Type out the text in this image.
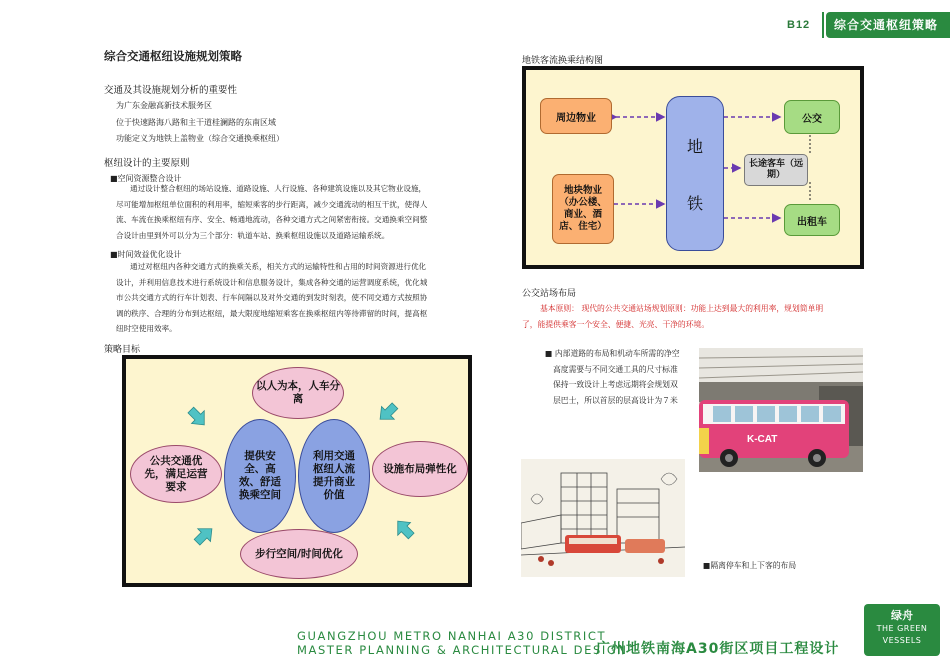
B12	综合交通枢纽策略一
综合交通枢纽设施规划策略
交通及其设施规划分析的重要性
为广东金融高新技术服务区
位于快速路海八路和主干道桂澜路的东南区域
功能定义为地铁上盖物业（综合交通换乘枢纽）
枢纽设计的主要原则
■空间资源整合设计
通过设计整合枢纽的场站设施、道路设施、人行设施、各种建筑设施以及其它物业设施，
尽可能增加枢纽单位面积的利用率，缩短乘客的步行距离，减少交通流动的相互干扰，使得人
流、车流在换乘枢纽有序、安全、畅通地流动，各种交通方式之间紧密衔接。交通换乘空间整
合设计由里到外可以分为三个部分：轨道车站、换乘枢纽设施以及道路运输系统。
■时间效益优化设计
通过对枢纽内各种交通方式的换乘关系，相关方式的运输特性和占用的时间资源进行优化
设计，并利用信息技术进行系统设计和信息服务设计，集成各种交通的运营调度系统，优化城
市公共交通方式的行车计划表、行车间隔以及对外交通的到发时刻表，使不同交通方式按照协
调的秩序、合理的分布到达枢纽，最大限度地缩短乘客在换乘枢纽内等待滞留的时间，提高枢
纽时空使用效率。
策略目标
以人为本，人车分离
公共交通优先，满足运营要求
设施布局弹性化
步行空间/时间优化
提供安全、高效、舒适换乘空间
利用交通枢纽人流提升商业价值
地铁客流换乘结构图
周边物业
地块物业（办公楼、商业、酒店、住宅）
地
铁
公交
长途客车（远期）
出租车
公交站场布局
基本原则： 现代的公共交通站场规划原则：功能上达到最大的利用率，规划简单明
了，能提供乘客一个安全、便捷、光亮、干净的环境。
■ 内部道路的布局和机动车所需的净空
高度需要与不同交通工具的尺寸标准
保持一致设计上考虑远期将会规划双
层巴士，所以首层的层高设计为７米
K-CAT
■隔离停车和上下客的布局
GUANGZHOU METRO NANHAI A30 DISTRICT
MASTER PLANNING & ARCHITECTURAL DESIGN
广州地铁南海A30街区项目工程设计
绿舟
THE GREEN
VESSELS
